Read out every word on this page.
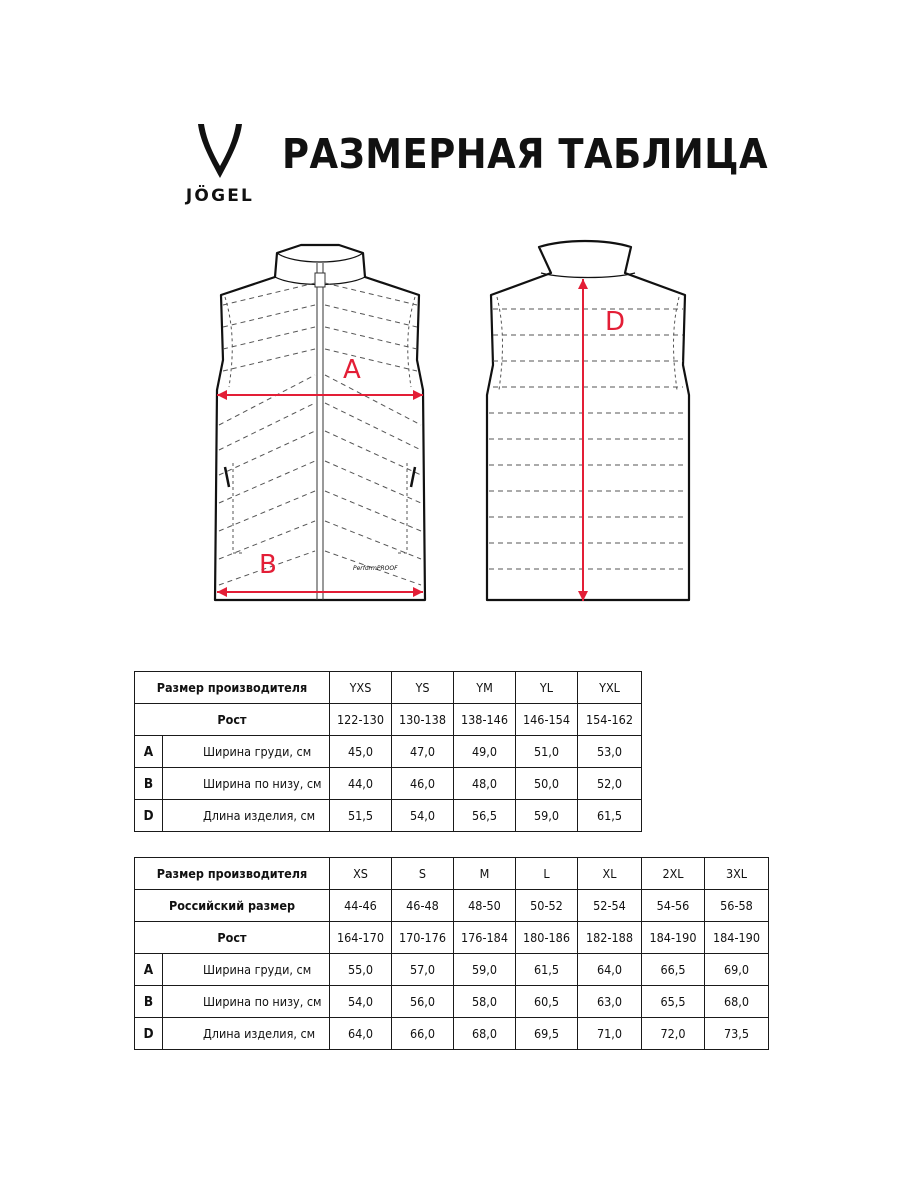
JÖGEL
РАЗМЕРНАЯ ТАБЛИЦА
PerformPROOF
A
B
D
Размер производителя		YXS	YS	YM	YL	YXL
Рост		122-130	130-138	138-146	146-154	154-162
A	Ширина груди, см	45,0	47,0	49,0	51,0	53,0
B	Ширина по низу, см	44,0	46,0	48,0	50,0	52,0
D	Длина изделия, см	51,5	54,0	56,5	59,0	61,5
Размер производителя		XS	S	M	L	XL	2XL	3XL
Российский размер		44-46	46-48	48-50	50-52	52-54	54-56	56-58
Рост		164-170	170-176	176-184	180-186	182-188	184-190	184-190
A	Ширина груди, см	55,0	57,0	59,0	61,5	64,0	66,5	69,0
B	Ширина по низу, см	54,0	56,0	58,0	60,5	63,0	65,5	68,0
D	Длина изделия, см	64,0	66,0	68,0	69,5	71,0	72,0	73,5
